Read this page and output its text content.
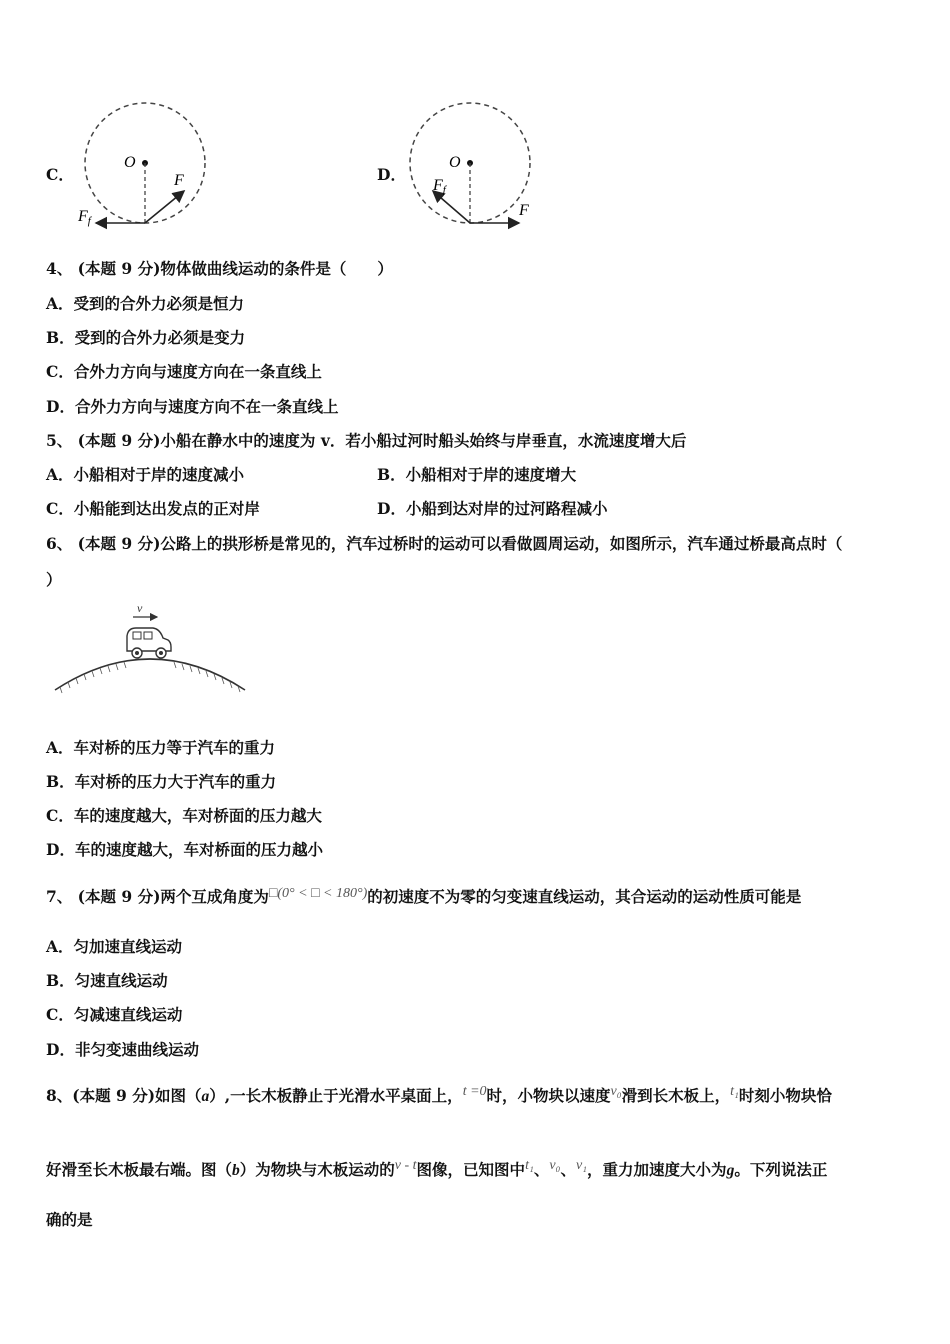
C．
O
F
Ff
D．
O
F
Ff
4、 (本题 9 分)物体做曲线运动的条件是（　　）
A．受到的合外力必须是恒力
B．受到的合外力必须是变力
C．合外力方向与速度方向在一条直线上
D．合外力方向与速度方向不在一条直线上
5、 (本题 9 分)小船在静水中的速度为 v．若小船过河时船头始终与岸垂直，水流速度增大后
A．小船相对于岸的速度减小	B．小船相对于岸的速度增大
C．小船能到达出发点的正对岸	D．小船到达对岸的过河路程减小
6、 (本题 9 分)公路上的拱形桥是常见的，汽车过桥时的运动可以看做圆周运动，如图所示，汽车通过桥最高点时（
）
v
A．车对桥的压力等于汽车的重力
B．车对桥的压力大于汽车的重力
C．车的速度越大，车对桥面的压力越大
D．车的速度越大，车对桥面的压力越小
7、 (本题 9 分)两个互成角度为□(0° < □ < 180°)的初速度不为零的匀变速直线运动，其合运动的运动性质可能是
A．匀加速直线运动
B．匀速直线运动
C．匀减速直线运动
D．非匀变速曲线运动
8、(本题 9 分)如图（a）,一长木板静止于光滑水平桌面上，t =0时，小物块以速度v₀滑到长木板上，t₁时刻小物块恰
好滑至长木板最右端。图（b）为物块与木板运动的v - t图像，已知图中t₁、v₀、v₁，重力加速度大小为g。下列说法正
确的是
